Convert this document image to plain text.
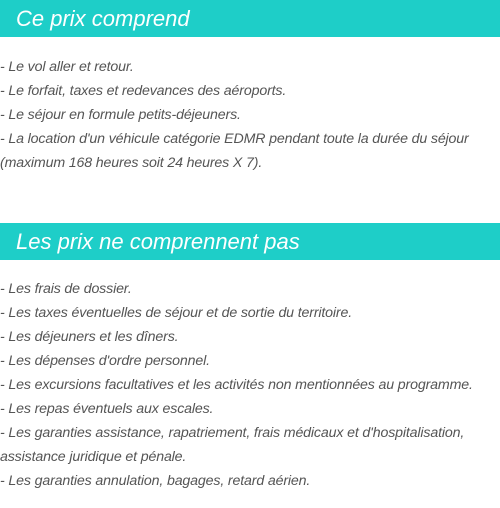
Ce prix comprend
- Le vol aller et retour.
- Le forfait, taxes et redevances des aéroports.
- Le séjour en formule petits-déjeuners.
- La location d'un véhicule catégorie EDMR pendant toute la durée du séjour (maximum 168 heures soit 24 heures X 7).
Les prix ne comprennent pas
- Les frais de dossier.
- Les taxes éventuelles de séjour et de sortie du territoire.
- Les déjeuners et les dîners.
- Les dépenses d'ordre personnel.
- Les excursions facultatives et les activités non mentionnées au programme.
- Les repas éventuels aux escales.
- Les garanties assistance, rapatriement, frais médicaux et d'hospitalisation, assistance juridique et pénale.
- Les garanties annulation, bagages, retard aérien.
